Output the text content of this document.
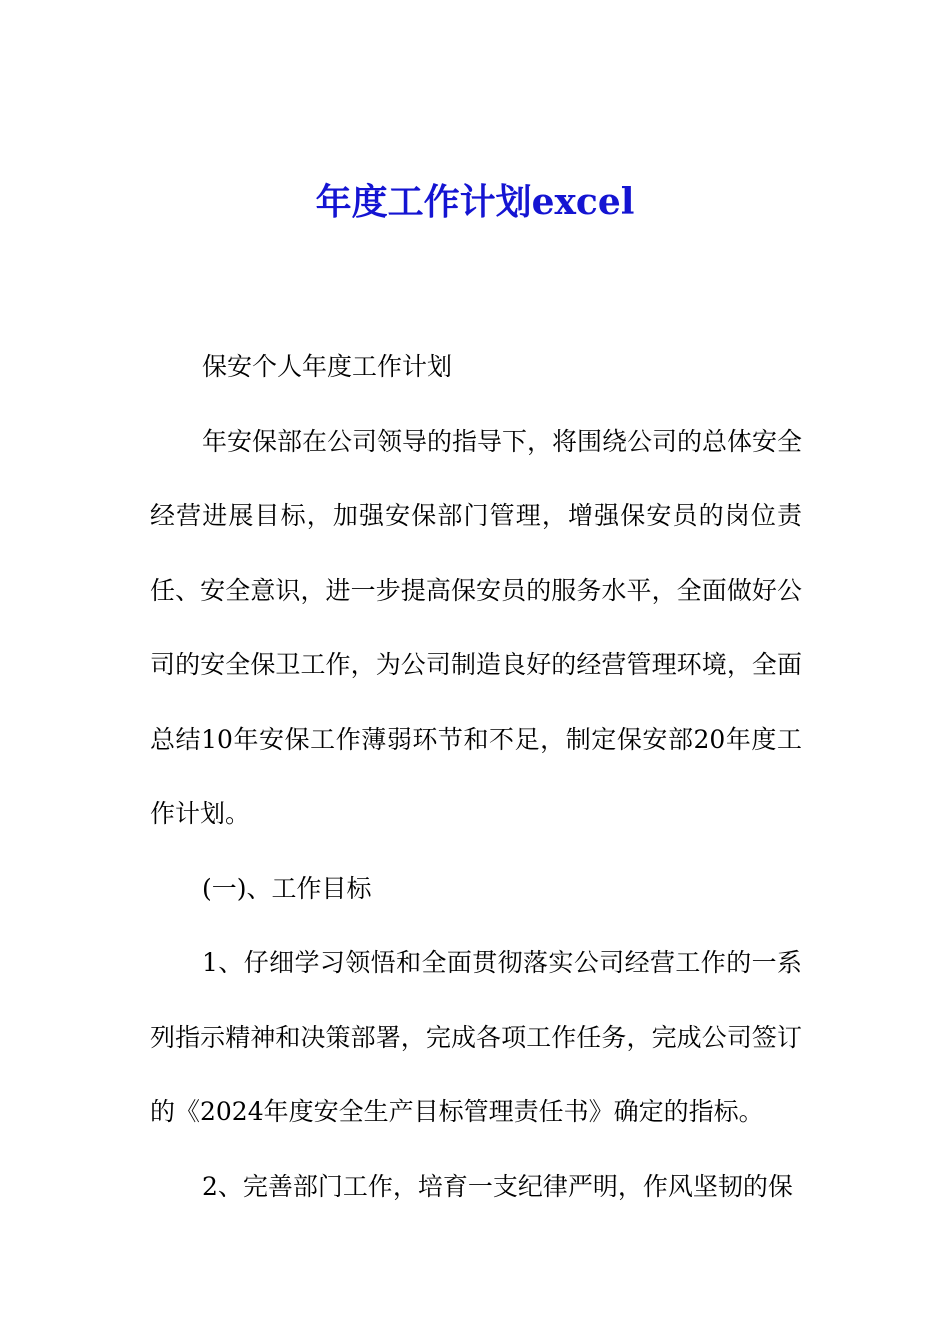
年度工作计划excel

保安个人年度工作计划

年安保部在公司领导的指导下，将围绕公司的总体安全经营进展目标，加强安保部门管理，增强保安员的岗位责任、安全意识，进一步提高保安员的服务水平，全面做好公司的安全保卫工作，为公司制造良好的经营管理环境，全面总结10年安保工作薄弱环节和不足，制定保安部20年度工作计划。

(一)、工作目标

1、仔细学习领悟和全面贯彻落实公司经营工作的一系列指示精神和决策部署，完成各项工作任务，完成公司签订的《2024年度安全生产目标管理责任书》确定的指标。

2、完善部门工作，培育一支纪律严明，作风坚韧的保
